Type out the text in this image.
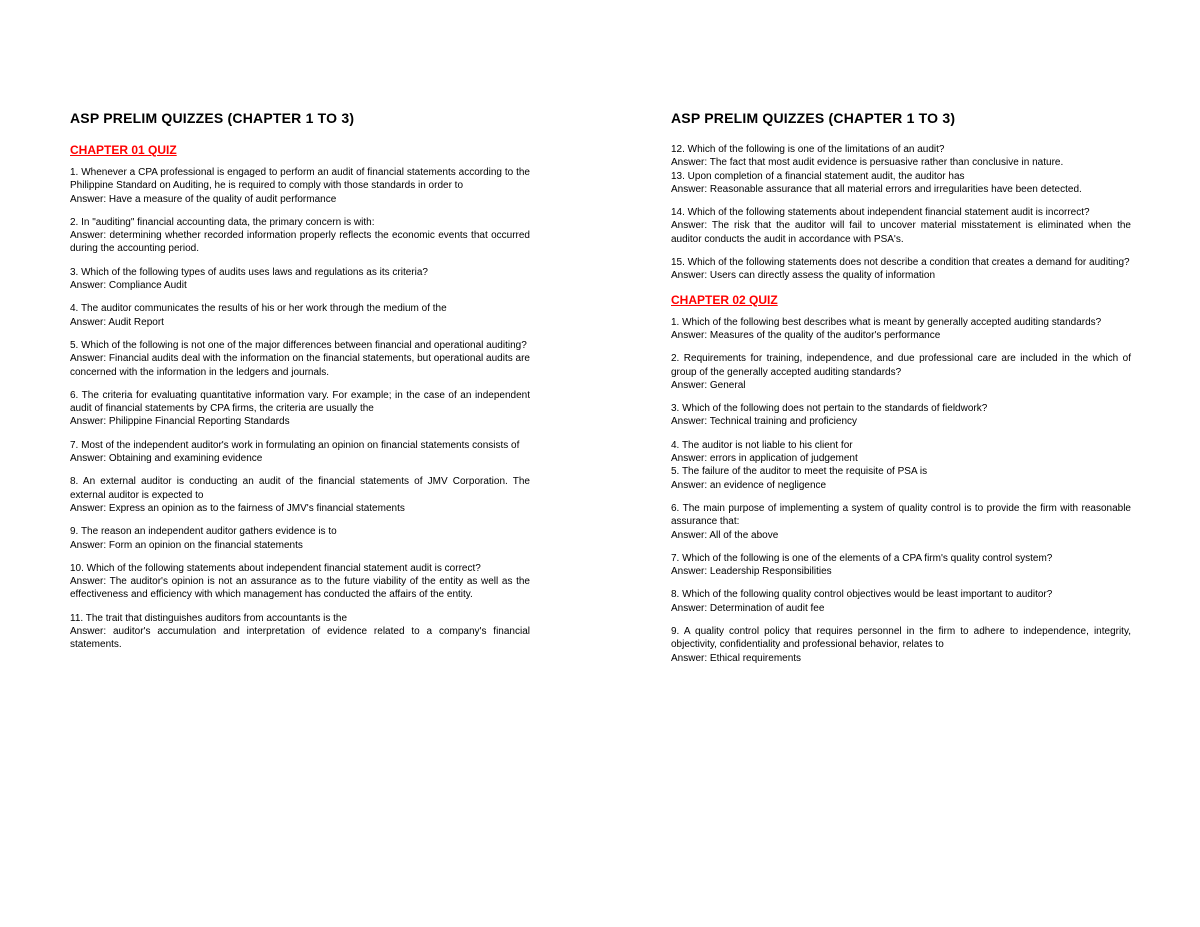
ASP PRELIM QUIZZES (CHAPTER 1 TO 3)
CHAPTER 01 QUIZ
1. Whenever a CPA professional is engaged to perform an audit of financial statements according to the Philippine Standard on Auditing, he is required to comply with those standards in order to
Answer: Have a measure of the quality of audit performance
2. In "auditing" financial accounting data, the primary concern is with:
Answer: determining whether recorded information properly reflects the economic events that occurred during the accounting period.
3. Which of the following types of audits uses laws and regulations as its criteria?
Answer: Compliance Audit
4. The auditor communicates the results of his or her work through the medium of the
Answer: Audit Report
5. Which of the following is not one of the major differences between financial and operational auditing?
Answer: Financial audits deal with the information on the financial statements, but operational audits are concerned with the information in the ledgers and journals.
6. The criteria for evaluating quantitative information vary. For example; in the case of an independent audit of financial statements by CPA firms, the criteria are usually the
Answer: Philippine Financial Reporting Standards
7. Most of the independent auditor's work in formulating an opinion on financial statements consists of
Answer: Obtaining and examining evidence
8. An external auditor is conducting an audit of the financial statements of JMV Corporation. The external auditor is expected to
Answer: Express an opinion as to the fairness of JMV's financial statements
9. The reason an independent auditor gathers evidence is to
Answer: Form an opinion on the financial statements
10. Which of the following statements about independent financial statement audit is correct?
Answer: The auditor's opinion is not an assurance as to the future viability of the entity as well as the effectiveness and efficiency with which management has conducted the affairs of the entity.
11. The trait that distinguishes auditors from accountants is the
Answer: auditor's accumulation and interpretation of evidence related to a company's financial statements.
ASP PRELIM QUIZZES (CHAPTER 1 TO 3)
12. Which of the following is one of the limitations of an audit?
Answer: The fact that most audit evidence is persuasive rather than conclusive in nature.
13. Upon completion of a financial statement audit, the auditor has
Answer: Reasonable assurance that all material errors and irregularities have been detected.
14. Which of the following statements about independent financial statement audit is incorrect?
Answer: The risk that the auditor will fail to uncover material misstatement is eliminated when the auditor conducts the audit in accordance with PSA's.
15. Which of the following statements does not describe a condition that creates a demand for auditing?
Answer: Users can directly assess the quality of information
CHAPTER 02 QUIZ
1. Which of the following best describes what is meant by generally accepted auditing standards?
Answer: Measures of the quality of the auditor's performance
2. Requirements for training, independence, and due professional care are included in the which of group of the generally accepted auditing standards?
Answer: General
3. Which of the following does not pertain to the standards of fieldwork?
Answer: Technical training and proficiency
4. The auditor is not liable to his client for
Answer: errors in application of judgement
5. The failure of the auditor to meet the requisite of PSA is
Answer: an evidence of negligence
6. The main purpose of implementing a system of quality control is to provide the firm with reasonable assurance that:
Answer: All of the above
7. Which of the following is one of the elements of a CPA firm's quality control system?
Answer: Leadership Responsibilities
8. Which of the following quality control objectives would be least important to auditor?
Answer: Determination of audit fee
9. A quality control policy that requires personnel in the firm to adhere to independence, integrity, objectivity, confidentiality and professional behavior, relates to
Answer: Ethical requirements
